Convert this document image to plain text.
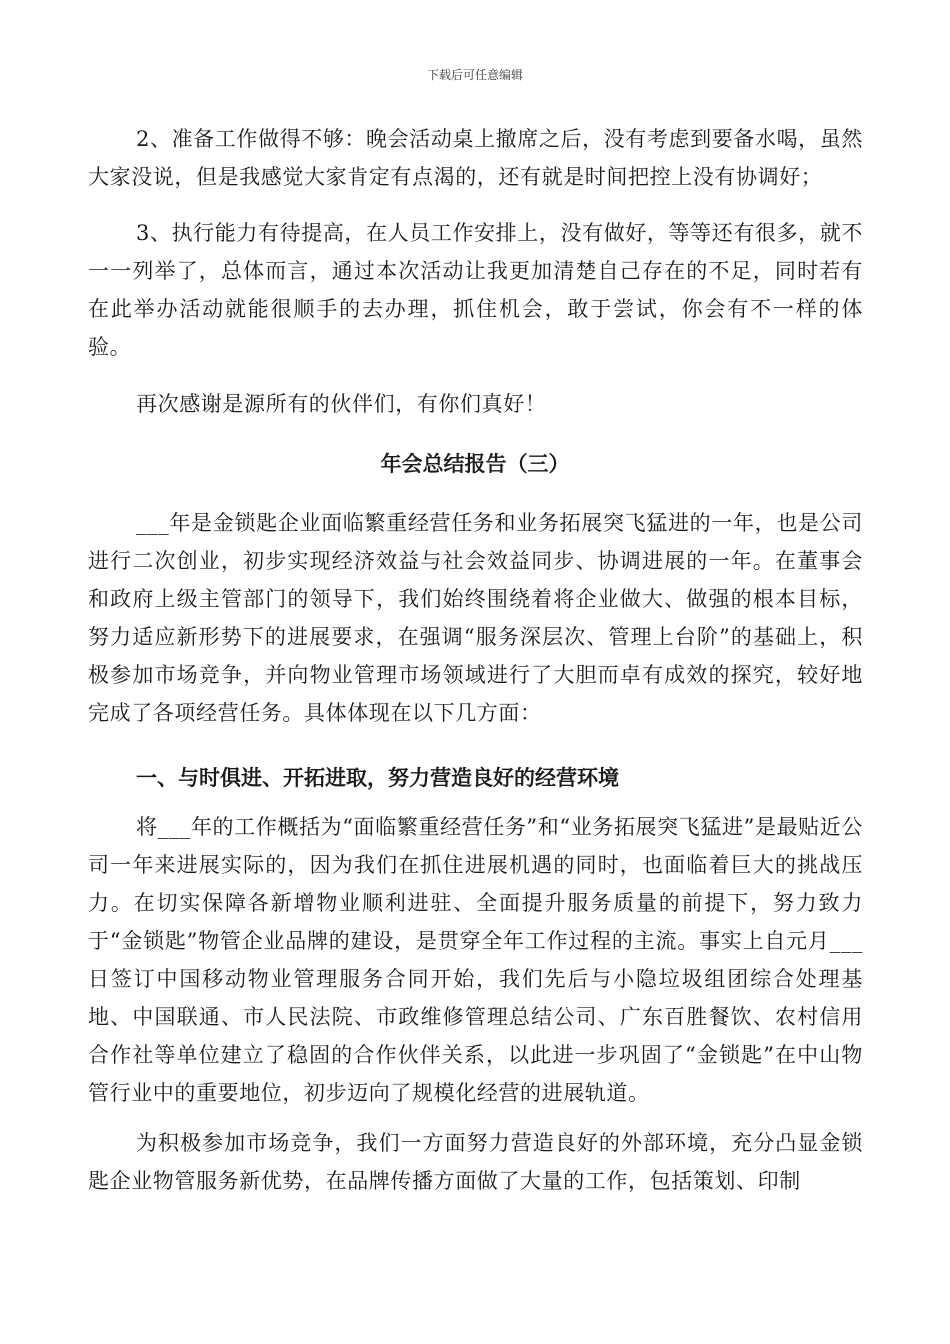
下载后可任意编辑

2、准备工作做得不够：晚会活动桌上撤席之后，没有考虑到要备水喝，虽然大家没说，但是我感觉大家肯定有点渴的，还有就是时间把控上没有协调好；

3、执行能力有待提高，在人员工作安排上，没有做好，等等还有很多，就不一一列举了，总体而言，通过本次活动让我更加清楚自己存在的不足，同时若有在此举办活动就能很顺手的去办理，抓住机会，敢于尝试，你会有不一样的体验。

再次感谢是源所有的伙伴们，有你们真好！

年会总结报告（三）

___年是金锁匙企业面临繁重经营任务和业务拓展突飞猛进的一年，也是公司进行二次创业，初步实现经济效益与社会效益同步、协调进展的一年。在董事会和政府上级主管部门的领导下，我们始终围绕着将企业做大、做强的根本目标，努力适应新形势下的进展要求，在强调“服务深层次、管理上台阶”的基础上，积极参加市场竞争，并向物业管理市场领域进行了大胆而卓有成效的探究，较好地完成了各项经营任务。具体体现在以下几方面：

一、与时俱进、开拓进取，努力营造良好的经营环境

将___年的工作概括为“面临繁重经营任务”和“业务拓展突飞猛进”是最贴近公司一年来进展实际的，因为我们在抓住进展机遇的同时，也面临着巨大的挑战压力。在切实保障各新增物业顺利进驻、全面提升服务质量的前提下，努力致力于“金锁匙”物管企业品牌的建设，是贯穿全年工作过程的主流。事实上自元月___日签订中国移动物业管理服务合同开始，我们先后与小隐垃圾组团综合处理基地、中国联通、市人民法院、市政维修管理总结公司、广东百胜餐饮、农村信用合作社等单位建立了稳固的合作伙伴关系，以此进一步巩固了“金锁匙”在中山物管行业中的重要地位，初步迈向了规模化经营的进展轨道。

为积极参加市场竞争，我们一方面努力营造良好的外部环境，充分凸显金锁匙企业物管服务新优势，在品牌传播方面做了大量的工作，包括策划、印制
